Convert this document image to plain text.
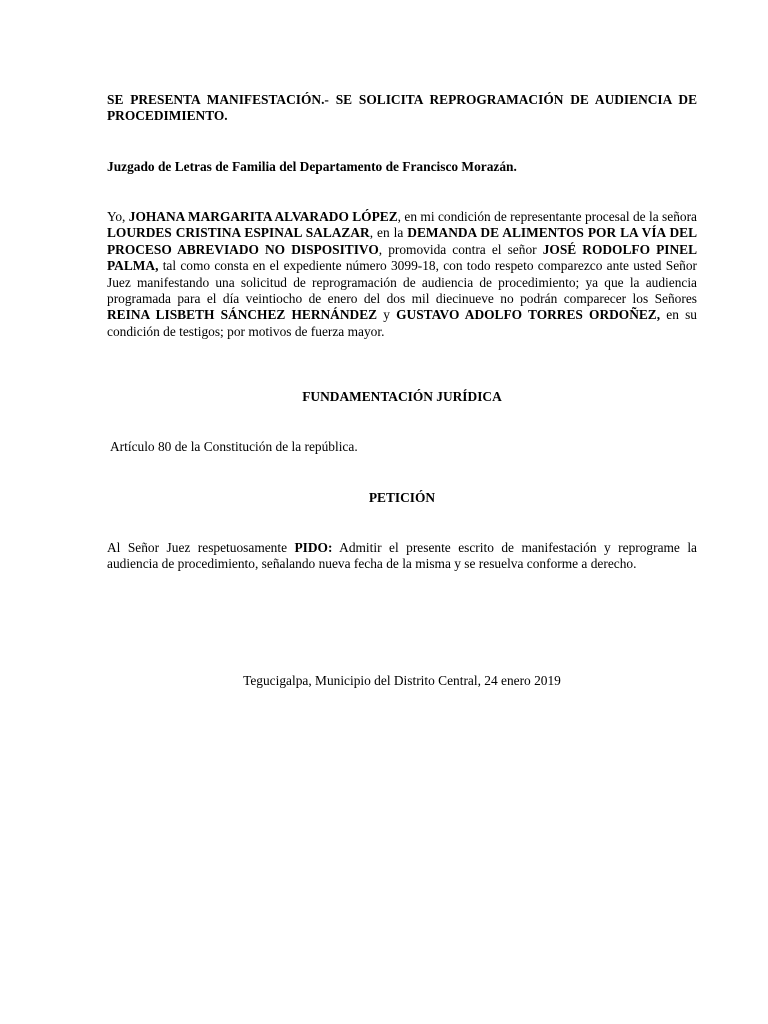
SE PRESENTA MANIFESTACIÓN.- SE SOLICITA REPROGRAMACIÓN DE AUDIENCIA DE PROCEDIMIENTO.
Juzgado de Letras de Familia del Departamento de Francisco Morazán.
Yo, JOHANA MARGARITA ALVARADO LÓPEZ, en mi condición de representante procesal de la señora LOURDES CRISTINA ESPINAL SALAZAR, en la DEMANDA DE ALIMENTOS POR LA VÍA DEL PROCESO ABREVIADO NO DISPOSITIVO, promovida contra el señor JOSÉ RODOLFO PINEL PALMA, tal como consta en el expediente número 3099-18, con todo respeto comparezco ante usted Señor Juez manifestando una solicitud de reprogramación de audiencia de procedimiento; ya que la audiencia programada para el día veintiocho de enero del dos mil diecinueve no podrán comparecer los Señores REINA LISBETH SÁNCHEZ HERNÁNDEZ y GUSTAVO ADOLFO TORRES ORDOÑEZ, en su condición de testigos; por motivos de fuerza mayor.
FUNDAMENTACIÓN JURÍDICA
Artículo 80 de la Constitución de la república.
PETICIÓN
Al Señor Juez respetuosamente PIDO: Admitir el presente escrito de manifestación y reprograme la audiencia de procedimiento, señalando nueva fecha de la misma y se resuelva conforme a derecho.
Tegucigalpa, Municipio del Distrito Central, 24 enero 2019
